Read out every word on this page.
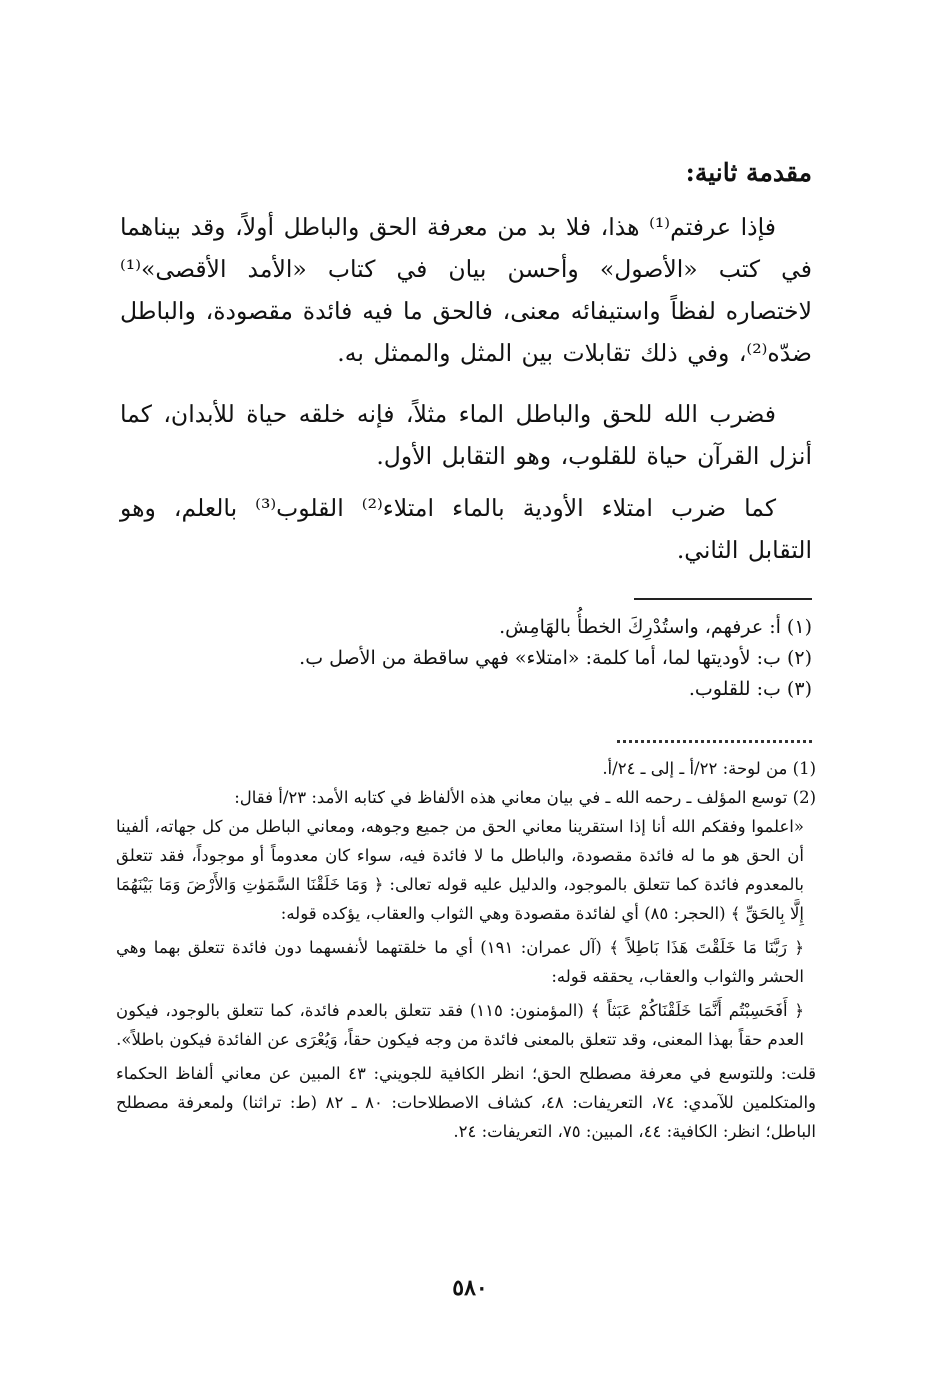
مقدمة ثانية:
فإذا عرفتم⁽¹⁾ هذا، فلا بد من معرفة الحق والباطل أولاً، وقد بيناهما في كتب «الأصول» وأحسن بيان في كتاب «الأمد الأقصى»⁽¹⁾ لاختصاره لفظاً واستيفائه معنى، فالحق ما فيه فائدة مقصودة، والباطل ضدّه⁽²⁾، وفي ذلك تقابلات بين المثل والممثل به.
فضرب الله للحق والباطل الماء مثلاً، فإنه خلقه حياة للأبدان، كما أنزل القرآن حياة للقلوب، وهو التقابل الأول.
كما ضرب امتلاء الأودية بالماء امتلاء⁽²⁾ القلوب⁽³⁾ بالعلم، وهو التقابل الثاني.
(١) أ: عرفهم، واستُدْرِكَ الخطأُ بالهَامِش.
(٢) ب: لأوديتها لما، أما كلمة: «امتلاء» فهي ساقطة من الأصل ب.
(٣) ب: للقلوب.

(1) من لوحة: ٢٢/أ ـ إلى ـ ٢٤/أ.

(2) توسع المؤلف ـ رحمه الله ـ في بيان معاني هذه الألفاظ في كتابه الأمد: ٢٣/أ فقال:

«اعلموا وفقكم الله أنا إذا استقرينا معاني الحق من جميع وجوهه، ومعاني الباطل من كل جهاته، ألفينا أن الحق هو ما له فائدة مقصودة، والباطل ما لا فائدة فيه، سواء كان معدوماً أو موجوداً، فقد تتعلق بالمعدوم فائدة كما تتعلق بالموجود، والدليل عليه قوله تعالى: ﴿ وَمَا خَلَقْنَا السَّمَوٰتِ وَالأَرْضَ وَمَا بَيْنَهُمَا إِلَّا بِالحَقِّ ﴾ (الحجر: ٨٥) أي لفائدة مقصودة وهي الثواب والعقاب، يؤكده قوله:

﴿ رَبَّنَا مَا خَلَقْتَ هَذَا بَاطِلاً ﴾ (آل عمران: ١٩١) أي ما خلقتهما لأنفسهما دون فائدة تتعلق بهما وهي الحشر والثواب والعقاب، يحققه قوله:

﴿ أَفَحَسِبْتُم أَنَّمَا خَلَقْنَاكُمْ عَبَثاً ﴾ (المؤمنون: ١١٥) فقد تتعلق بالعدم فائدة، كما تتعلق بالوجود، فيكون العدم حقاً بهذا المعنى، وقد تتعلق بالمعنى فائدة من وجه فيكون حقاً، وَيُعْرَى عن الفائدة فيكون باطلاً».

قلت: وللتوسع في معرفة مصطلح الحق؛ انظر الكافية للجويني: ٤٣ المبين عن معاني ألفاظ الحكماء والمتكلمين للآمدي: ٧٤، التعريفات: ٤٨، كشاف الاصطلاحات: ٨٠ ـ ٨٢ (ط: تراثنا) ولمعرفة مصطلح الباطل؛ انظر: الكافية: ٤٤، المبين: ٧٥، التعريفات: ٢٤.

٥٨٠
